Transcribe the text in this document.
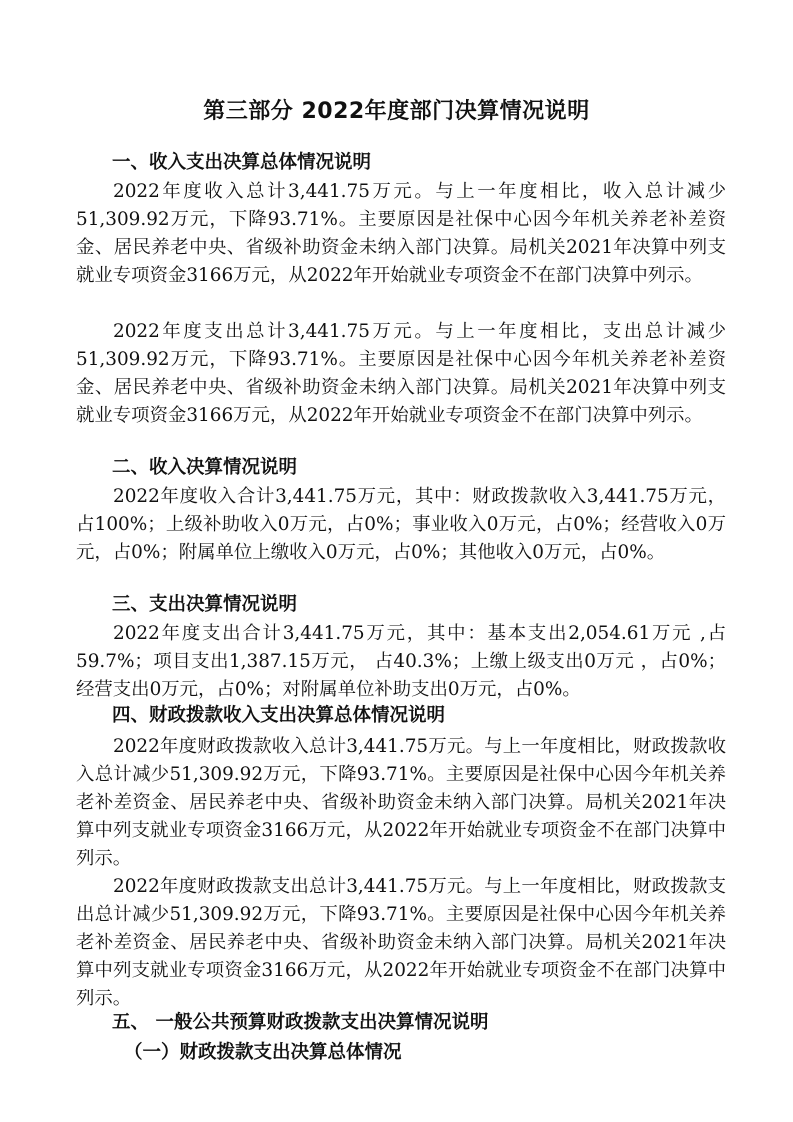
第三部分 2022年度部门决算情况说明
一、收入支出决算总体情况说明
2022年度收入总计3,441.75万元。与上一年度相比，收入总计减少51,309.92万元，下降93.71%。主要原因是社保中心因今年机关养老补差资金、居民养老中央、省级补助资金未纳入部门决算。局机关2021年决算中列支就业专项资金3166万元，从2022年开始就业专项资金不在部门决算中列示。
2022年度支出总计3,441.75万元。与上一年度相比，支出总计减少51,309.92万元，下降93.71%。主要原因是社保中心因今年机关养老补差资金、居民养老中央、省级补助资金未纳入部门决算。局机关2021年决算中列支就业专项资金3166万元，从2022年开始就业专项资金不在部门决算中列示。
二、收入决算情况说明
2022年度收入合计3,441.75万元，其中：财政拨款收入3,441.75万元，占100%；上级补助收入0万元，占0%；事业收入0万元，占0%；经营收入0万元，占0%；附属单位上缴收入0万元，占0%；其他收入0万元，占0%。
三、支出决算情况说明
2022年度支出合计3,441.75万元，其中：基本支出2,054.61万元 ,占59.7%；项目支出1,387.15万元， 占40.3%；上缴上级支出0万元 ，占0%；经营支出0万元，占0%；对附属单位补助支出0万元，占0%。
四、财政拨款收入支出决算总体情况说明
2022年度财政拨款收入总计3,441.75万元。与上一年度相比，财政拨款收入总计减少51,309.92万元，下降93.71%。主要原因是社保中心因今年机关养老补差资金、居民养老中央、省级补助资金未纳入部门决算。局机关2021年决算中列支就业专项资金3166万元，从2022年开始就业专项资金不在部门决算中列示。
2022年度财政拨款支出总计3,441.75万元。与上一年度相比，财政拨款支出总计减少51,309.92万元，下降93.71%。主要原因是社保中心因今年机关养老补差资金、居民养老中央、省级补助资金未纳入部门决算。局机关2021年决算中列支就业专项资金3166万元，从2022年开始就业专项资金不在部门决算中列示。
五、 一般公共预算财政拨款支出决算情况说明
（一）财政拨款支出决算总体情况
